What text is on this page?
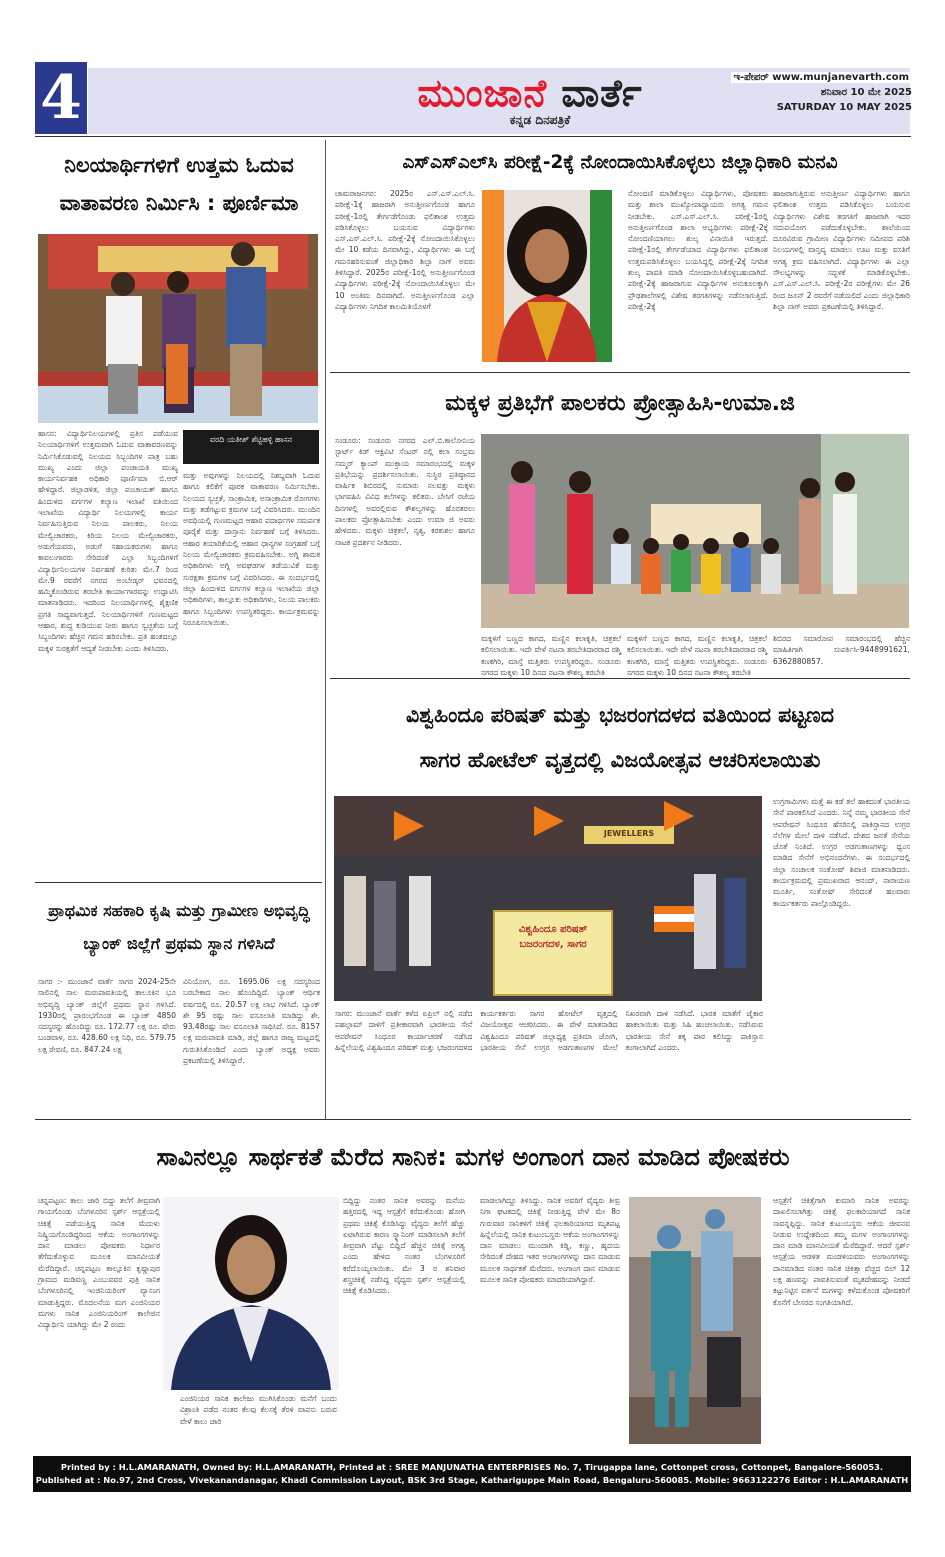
4	ಮುಂಜಾನೆ ವಾರ್ತೆ
ಕನ್ನಡ ದಿನಪತ್ರಿಕೆ
ಇ-ಪೇಪರ್ www.munjanevarth.com
ಶನಿವಾರ 10 ಮೇ 2025
SATURDAY 10 MAY 2025
ನಿಲಯಾರ್ಥಿಗಳಿಗೆ ಉತ್ತಮ ಓದುವ ವಾತಾವರಣ ನಿರ್ಮಿಸಿ : ಪೂರ್ಣಿಮಾ
ಹಾಸನ: ವಿದ್ಯಾರ್ಥಿನಿಲಯಗಳಲ್ಲಿ ಪ್ರತಿಸ ಪಡೆಯುವ ನಿಲಯಾರ್ಥಿಗಳಿಗೆ ಉತ್ತಮವಾಗಿ ಓದುವ ವಾತಾವರಣವನ್ನು ನಿರ್ಮಿಸಿಕೊಡುವಲ್ಲಿ ನಿಲಯದ ಸಿಬ್ಬಂದಿಗಳ ಪಾತ್ರ ಬಹು ಮುಖ್ಯ ಎಂದು ಜಿಲ್ಲಾ ಪಂಚಾಯತಿ ಮುಖ್ಯ ಕಾರ್ಯನಿರ್ವಹಕ ಅಧಿಕಾರಿ ಪೂರ್ಣಿಮಾ ಬಿ.ಆರ್ ಹೇಳಿದ್ದಾರೆ. ಜಿಲ್ಲಾಡಳಿತ, ಜಿಲ್ಲಾ ಪಂಚಾಯತ್ ಹಾಗೂ ಹಿಂದುಳಿದ ವರ್ಗಗಳ ಕಲ್ಯಾಣ ಇಲಾಖೆ ವತಿಯಿಂದ ಇಲಾಖೆಯ ವಿದ್ಯಾರ್ಥಿ ನಿಲಯಗಳಲ್ಲಿ ಕಾರ್ಯ ನಿರ್ವಹಿಸುತ್ತಿರುವ ನಿಲಯ ಪಾಲಕರು, ನಿಲಯ ಮೇಲ್ವಿಚಾರಕರು, ಕಿರಿಯ ನಿಲಯ ಮೇಲ್ವಿಚಾರಕರು, ಅಡುಗೆಯವರು, ಅಡುಗೆ ಸಹಾಯಕರುಗಳು ಹಾಗೂ ಕಾವಲುಗಾರರು ಸೇರಿದಂತೆ ಎಲ್ಲಾ ಸಿಬ್ಬಂದಿಗಳಿಗೆ ವಿದ್ಯಾರ್ಥಿನಿಲಯಗಳ ನಿರ್ವಹಣೆ ಕುರಿತು ಮೇ.7 ರಿಂದ ಮೇ.9 ರವರೆಗೆ ನಗರದ ಅಂಬೇಡ್ಕರ್ ಭವನದಲ್ಲಿ ಹಮ್ಮಿಕೊಂಡಿರುವ ತರಬೇತಿ ಕಾರ್ಯಾಗಾರವನ್ನು ಉದ್ಘಾಟಿಸಿ ಮಾತನಾಡಿದರು. ಇದರಿಂದ ನಿಲಯಾರ್ಥಿಗಳಲ್ಲಿ ಶೈಕ್ಷಣಿಕ ಪ್ರಗತಿ ಸಾಧ್ಯವಾಗುತ್ತದೆ. ನಿಲಯಾರ್ಥಿಗಳಿಗೆ ಗುಣಮಟ್ಟದ ಆಹಾರ, ಶುದ್ಧ ಕುಡಿಯುವ ನೀರು ಹಾಗೂ ಸ್ವಚ್ಛತೆಯ ಬಗ್ಗೆ ಸಿಬ್ಬಂದಿಗಳು ಹೆಚ್ಚಿನ ಗಮನ ಹರಿಸಬೇಕು. ಪ್ರತಿ ಹಂತದಲ್ಲೂ ಮಕ್ಕಳ ಸುರಕ್ಷತೆಗೆ ಆದ್ಯತೆ ನೀಡಬೇಕು ಎಂದು ತಿಳಿಸಿದರು.
ವರದಿ ಯತೀಶ್ ಶೆಟ್ಟಿಹಳ್ಳಿ ಹಾಸನ
ಮತ್ತು ಅವುಗಳನ್ನು ನಿಲಯದಲ್ಲಿ ನಿಶಬ್ದವಾಗಿ ಓದುವ ಹಾಗೂ ಕಲಿಕೆಗೆ ಪೂರಕ ವಾತಾವರಣ ನಿರ್ಮಿಸಬೇಕು. ನಿಲಯದ ಸ್ವಚ್ಛತೆ, ಸಾಂಕ್ರಾಮಿಕ, ಅಸಾಂಕ್ರಾಮಿಕ ರೋಗಗಳು ಮತ್ತು ತಡೆಗಟ್ಟುವ ಕ್ರಮಗಳ ಬಗ್ಗೆ ವಿವರಿಸಿದರು. ಮುಂದಿನ ಅವಧಿಯಲ್ಲಿ ಗುಣಮಟ್ಟದ ಆಹಾರ ಪದಾರ್ಥಗಳ ಸಮರ್ಪಕ ಪೂರೈಕೆ ಮತ್ತು ದಾಸ್ತಾನು ನಿರ್ವಹಣೆ ಬಗ್ಗೆ ತಿಳಿಸಿದರು. ಆಹಾರ ತಯಾರಿಕೆಯಲ್ಲಿ ಆಹಾರ ಧಾನ್ಯಗಳ ಸಂಗ್ರಹಣೆ ಬಗ್ಗೆ ನಿಲಯ ಮೇಲ್ವಿಚಾರಕರು ಕ್ರಮವಹಿಸಬೇಕು. ಅಗ್ನಿ ಶಾಮಕ ಅಧಿಕಾರಿಗಳು ಅಗ್ನಿ ಅವಘಡಗಳ ತಡೆಯುವಿಕೆ ಮತ್ತು ಸುರಕ್ಷತಾ ಕ್ರಮಗಳ ಬಗ್ಗೆ ವಿವರಿಸಿದರು. ಈ ಸಂದರ್ಭದಲ್ಲಿ ಜಿಲ್ಲಾ ಹಿಂದುಳಿದ ವರ್ಗಗಳ ಕಲ್ಯಾಣ ಇಲಾಖೆಯ ಜಿಲ್ಲಾ ಅಧಿಕಾರಿಗಳು, ತಾಲ್ಲೂಕು ಅಧಿಕಾರಿಗಳು, ನಿಲಯ ಪಾಲಕರು ಹಾಗೂ ಸಿಬ್ಬಂದಿಗಳು ಉಪಸ್ಥಿತರಿದ್ದರು. ಕಾರ್ಯಕ್ರಮವನ್ನು ನಿರೂಪಿಸಲಾಯಿತು.
ಪ್ರಾಥಮಿಕ ಸಹಕಾರಿ ಕೃಷಿ ಮತ್ತು ಗ್ರಾಮೀಣ ಅಭಿವೃದ್ಧಿ ಬ್ಯಾಂಕ್ ಜಿಲ್ಲೆಗೆ ಪ್ರಥಮ ಸ್ಥಾನ ಗಳಿಸಿದೆ
ಸಾಗರ :- ಮುಂಜಾನೆ ವಾರ್ತೆ ಸಾಗರ 2024-25ನೇ ಸಾಲಿನಲ್ಲಿ ಸಾಲ ಮರುಪಾವತಿಯಲ್ಲಿ ತಾಲೂಕಿನ ಭೂ ಅಭಿವೃದ್ಧಿ ಬ್ಯಾಂಕ್ ಜಿಲ್ಲೆಗೆ ಪ್ರಥಮ ಸ್ಥಾನ ಗಳಿಸಿದೆ. 1930ರಲ್ಲಿ ಪ್ರಾರಂಭಗೊಂಡ ಈ ಬ್ಯಾಂಕ್ 4850 ಸದಸ್ಯರನ್ನು ಹೊಂದಿದ್ದು ರೂ. 172.77 ಲಕ್ಷ ರೂ. ಷೇರು ಬಂಡವಾಳ, ರೂ. 428.60 ಲಕ್ಷ ನಿಧಿ, ರೂ. 579.75 ಲಕ್ಷ ಠೇವಣಿ, ರೂ. 847.24 ಲಕ್ಷ
ವಿನಿಯೋಗ, ರೂ. 1695.06 ಲಕ್ಷ ಸದಸ್ಯರಿಂದ ಬರಬೇಕಾದ ಸಾಲ ಹೊಂದಿದ್ದಿದೆ. ಬ್ಯಾಂಕ್ ಆರ್ಥಿಕ ವರ್ಷದಲ್ಲಿ ರೂ. 20.57 ಲಕ್ಷ ಲಾಭ ಗಳಿಸಿದೆ. ಬ್ಯಾಂಕ್ ಶೇ 95 ರಷ್ಟು ಸಾಲ ವಸೂಲಾತಿ ಮಾಡಿದ್ದು ಶೇ. 93.48ರಷ್ಟು ಸಾಲ ವಸೂಲಾತಿ ಸಾಧಿಸಿದೆ. ರೂ. 8157 ಲಕ್ಷ ಮರುಪಾವತಿ ಮಾಡಿ, ಜಿಲ್ಲೆ ಹಾಗೂ ರಾಜ್ಯ ಮಟ್ಟದಲ್ಲಿ ಗುರುತಿಸಿಕೊಂಡಿದೆ ಎಂದು ಬ್ಯಾಂಕ್ ಅಧ್ಯಕ್ಷ ಅವರು ಪ್ರಕಟಣೆಯಲ್ಲಿ ತಿಳಿಸಿದ್ದಾರೆ.
ಎಸ್ಎಸ್ಎಲ್‌ಸಿ ಪರೀಕ್ಷೆ-2ಕ್ಕೆ ನೋಂದಾಯಿಸಿಕೊಳ್ಳಲು ಜಿಲ್ಲಾಧಿಕಾರಿ ಮನವಿ
ಚಾಮರಾಜನಗರ: 2025ರ ಎಸ್.ಎಸ್.ಎಲ್.ಸಿ. ಪರೀಕ್ಷೆ-1ಕ್ಕೆ ಹಾಜರಾಗಿ ಅನುತ್ತೀರ್ಣಗೊಂಡ ಹಾಗೂ ಪರೀಕ್ಷೆ-1ರಲ್ಲಿ ತೇರ್ಗಡೆಗೊಂಡು ಫಲಿತಾಂಶ ಉತ್ತಮ ಪಡಿಸಿಕೊಳ್ಳಲು ಬಯಸುವ ವಿದ್ಯಾರ್ಥಿಗಳು ಎಸ್.ಎಸ್.ಎಲ್.ಸಿ. ಪರೀಕ್ಷೆ-2ಕ್ಕೆ ನೋಂದಾಯಿಸಿಕೊಳ್ಳಲು ಮೇ 10 ಕಡೆಯ ದಿನವಾಗಿದ್ದು, ವಿದ್ಯಾರ್ಥಿಗಳು ಈ ಬಗ್ಗೆ ಗಮನಹರಿಸುವಂತೆ ಜಿಲ್ಲಾಧಿಕಾರಿ ಶಿಲ್ಪಾ ನಾಗ್ ಅವರು ತಿಳಿಸಿದ್ದಾರೆ. 2025ರ ಪರೀಕ್ಷೆ-1ರಲ್ಲಿ ಅನುತ್ತೀರ್ಣಗೊಂಡ ವಿದ್ಯಾರ್ಥಿಗಳು ಪರೀಕ್ಷೆ-2ಕ್ಕೆ ನೋಂದಾಯಿಸಿಕೊಳ್ಳಲು ಮೇ 10 ಅಂತಿಮ ದಿನವಾಗಿದೆ. ಅನುತ್ತೀರ್ಣಗೊಂಡ ಎಲ್ಲಾ ವಿದ್ಯಾರ್ಥಿಗಳು ನಿಗದಿತ ಕಾಲಮಿತಿಯೊಳಗೆ
ನೋಂದಣಿ ಮಾಡಿಕೊಳ್ಳಲು ವಿದ್ಯಾರ್ಥಿಗಳು, ಪೋಷಕರು ಮತ್ತು ಶಾಲಾ ಮುಖ್ಯೋಪಾಧ್ಯಾಯರು ಅಗತ್ಯ ಗಮನ ನೀಡಬೇಕು. ಎಸ್.ಎಸ್.ಎಲ್.ಸಿ. ಪರೀಕ್ಷೆ-1ರಲ್ಲಿ ಅನುತ್ತೀರ್ಣಗೊಂಡ ಶಾಲಾ ಅಭ್ಯರ್ಥಿಗಳು ಪರೀಕ್ಷೆ-2ಕ್ಕೆ ನೋಂದಣಿಯಾಗಲು ಶುಲ್ಕ ವಿನಾಯಿತಿ ಇರುತ್ತದೆ. ಪರೀಕ್ಷೆ-1ರಲ್ಲಿ ತೇರ್ಗಡೆಯಾದ ವಿದ್ಯಾರ್ಥಿಗಳು ಫಲಿತಾಂಶ ಉತ್ತಮಪಡಿಸಿಕೊಳ್ಳಲು ಬಯಸಿದ್ದಲ್ಲಿ ಪರೀಕ್ಷೆ-2ಕ್ಕೆ ನಿಗದಿತ ಶುಲ್ಕ ಪಾವತಿ ಮಾಡಿ ನೋಂದಾಯಿಸಿಕೊಳ್ಳಬಹುದಾಗಿದೆ. ಪರೀಕ್ಷೆ-2ಕ್ಕೆ ಹಾಜರಾಗುವ ವಿದ್ಯಾರ್ಥಿಗಳ ಅನುಕೂಲಕ್ಕಾಗಿ ಪ್ರೌಢಶಾಲೆಗಳಲ್ಲಿ ವಿಶೇಷ ತರಗತಿಗಳನ್ನು ನಡೆಸಲಾಗುತ್ತಿದೆ. ಪರೀಕ್ಷೆ-2ಕ್ಕೆ
ಹಾಜರಾಗುತ್ತಿರುವ ಅನುತ್ತೀರ್ಣ ವಿದ್ಯಾರ್ಥಿಗಳು ಹಾಗೂ ಫಲಿತಾಂಶ ಉತ್ತಮ ಪಡಿಸಿಕೊಳ್ಳಲು ಬಯಸುವ ವಿದ್ಯಾರ್ಥಿಗಳು ವಿಶೇಷ ತರಗತಿಗೆ ಹಾಜರಾಗಿ ಇದರ ಸದುಪಯೋಗ ಪಡೆದುಕೊಳ್ಳಬೇಕು. ಶಾಲೆಯಿಂದ ದೂರವಿರುವ ಗ್ರಾಮೀಣ ವಿದ್ಯಾರ್ಥಿಗಳು ಸಮೀಪದ ಪರಿಶಿ ನಿಲಯಗಳಲ್ಲಿ ವಾಸ್ತವ್ಯ ಮಾಡಲು ಊಟ ಮತ್ತು ವಸತಿಗೆ ಅಗತ್ಯ ಕ್ರಮ ವಹಿಸಲಾಗಿದೆ. ವಿದ್ಯಾರ್ಥಿಗಳು ಈ ಎಲ್ಲಾ ಸೌಲಭ್ಯಗಳನ್ನು ಸದ್ಬಳಕೆ ಮಾಡಿಕೊಳ್ಳಬೇಕು. ಎಸ್.ಎಸ್.ಎಲ್.ಸಿ. ಪರೀಕ್ಷೆ-2ರ ಪರೀಕ್ಷೆಗಳು ಮೇ 26 ರಿಂದ ಜೂನ್ 2 ರವರೆಗೆ ನಡೆಯಲಿದೆ ಎಂದು ಜಿಲ್ಲಾಧಿಕಾರಿ ಶಿಲ್ಪಾ ನಾಗ್ ಅವರು ಪ್ರಕಟಣೆಯಲ್ಲಿ ತಿಳಿಸಿದ್ದಾರೆ.
ಮಕ್ಕಳ ಪ್ರತಿಭೆಗೆ ಪಾಲಕರು ಪ್ರೋತ್ಸಾಹಿಸಿ-ಉಮಾ.ಜಿ
ಸಂಡೂರು: ಸಂಡೂರು ನಗರದ ಎಲ್.ಬಿ.ಕಾಲೋನಿಯ ಸ್ಟಾರ್ಟ್ ಕಿಡ್ ಆಕ್ಟಿವಿಟಿ ಸೆಂಟರ್ ನಲ್ಲಿ ಕಲಾ ಸಂಭ್ರಮ ಸಮ್ಮರ್ ಕ್ಯಾಂಪ್ ಮುಕ್ತಾಯ ಸಮಾರಂಭದಲ್ಲಿ ಮಕ್ಕಳ ಪ್ರತಿಭೆಯನ್ನು ಪ್ರದರ್ಶಿಸಲಾಯಿತು. ಸುಸ್ಥಿರ ಪ್ರತಿಷ್ಠಾನದ ವಾರ್ಷಿಕ ಶಿಬಿರದಲ್ಲಿ ಸುಮಾರು ನಲವತ್ತು ಮಕ್ಕಳು ಭಾಗವಹಿಸಿ ವಿವಿಧ ಕಲೆಗಳನ್ನು ಕಲಿತರು. ಬೇಸಿಗೆ ರಜೆಯ ದಿನಗಳಲ್ಲಿ ಅವರಲ್ಲಿರುವ ಕೌಶಲ್ಯಗಳನ್ನು ಹೊರತರಲು ಪಾಲಕರು ಪ್ರೋತ್ಸಾಹಿಸಬೇಕು ಎಂದು ಉಮಾ ಜಿ ಅವರು ಹೇಳಿದರು. ಮಕ್ಕಳು ಚಿತ್ರಕಲೆ, ನೃತ್ಯ, ಕರಕುಶಲ ಹಾಗೂ ನಾಟಕ ಪ್ರದರ್ಶನ ನೀಡಿದರು.
ಮಕ್ಕಳಿಗೆ ಬಣ್ಣದ ಕಾಗದ, ಮಣ್ಣಿನ ಕಲಾಕೃತಿ, ಚಿತ್ರಕಲೆ ಕಲಿಸಲಾಯಿತು. ಇದೇ ವೇಳೆ ನಟನಾ ತರಬೇತಿದಾರರಾದ ರಶ್ಮಿ ಕಣಕಗಿರಿ, ಮಾಸ್ತೆ ಮತ್ತಿತರು ಉಪಸ್ಥಿತರಿದ್ದರು. ಸಂಡೂರು ನಗರದ ಮಕ್ಕಳು 10 ದಿನದ ನಟನಾ ಕೌಶಲ್ಯ ತರಬೇತಿ
ಮಕ್ಕಳಿಗೆ ಬಣ್ಣದ ಕಾಗದ, ಮಣ್ಣಿನ ಕಲಾಕೃತಿ, ಚಿತ್ರಕಲೆ ಕಲಿಸಲಾಯಿತು. ಇದೇ ವೇಳೆ ನಟನಾ ತರಬೇತಿದಾರರಾದ ರಶ್ಮಿ ಕಣಕಗಿರಿ, ಮಾಸ್ತೆ ಮತ್ತಿತರು ಉಪಸ್ಥಿತರಿದ್ದರು. ಸಂಡೂರು ನಗರದ ಮಕ್ಕಳು 10 ದಿನದ ನಟನಾ ಕೌಶಲ್ಯ ತರಬೇತಿ
ಶಿಬಿರದ ಸಮಾರೋಪ ಸಮಾರಂಭದಲ್ಲಿ ಹೆಚ್ಚಿನ ಮಾಹಿತಿಗಾಗಿ ಸಂಪರ್ಕಿಸಿ-9448991621, 6362880857.
ವಿಶ್ವಹಿಂದೂ ಪರಿಷತ್ ಮತ್ತು ಭಜರಂಗದಳದ ವತಿಯಿಂದ ಪಟ್ಟಣದ
ಸಾಗರ ಹೋಟೆಲ್ ವೃತ್ತದಲ್ಲಿ ವಿಜಯೋತ್ಸವ ಆಚರಿಸಲಾಯಿತು
ವಿಶ್ವಹಿಂದೂ ಪರಿಷತ್
ಬಜರಂಗದಳ, ಸಾಗರ
JEWELLERS
ಉಗ್ರಗಾಮಿಗಳು ಮತ್ತೆ ಈ ಕಡೆ ತಲೆ ಹಾಕದಂತೆ ಭಾರತೀಯ ಸೇನೆ ಪಾಠಕಲಿಸಿದೆ ಎಂದರು. ನಿನ್ನೆ ನಮ್ಮ ಭಾರತೀಯ ಸೇನೆ ಆಪರೇಷನ್ ಸಿಂಧೂರ ಹೆಸರಿನಲ್ಲಿ ಪಾಕಿಸ್ತಾನದ ಉಗ್ರರ ನೆಲೆಗಳ ಮೇಲೆ ದಾಳಿ ನಡೆಸಿದೆ. ದೇಶದ ಜನತೆ ಸೇನೆಯ ಜೊತೆ ನಿಂತಿದೆ. ಉಗ್ರರ ಅಡಗುತಾಣಗಳನ್ನು ಧ್ವಂಸ ಮಾಡಿದ ಸೇನೆಗೆ ಅಭಿನಂದನೆಗಳು. ಈ ಸಂದರ್ಭದಲ್ಲಿ ಜಿಲ್ಲಾ ಸಂಚಾಲಕ ಸಂತೋಷ್ ಶಿವಾಜಿ ಮಾತನಾಡಿದರು. ಕಾರ್ಯಕ್ರಮದಲ್ಲಿ ಪ್ರಮುಖರಾದ ಆನಂದ್, ನಾರಾಯಣ ಮೂರ್ತಿ, ಸಂತೋಷ್ ಸೇರಿದಂತೆ ಹಲವಾರು ಕಾರ್ಯಕರ್ತರು ಪಾಲ್ಗೊಂಡಿದ್ದರು.
ಸಾಗರ: ಮುಂಜಾನೆ ವಾರ್ತೆ ಕಳೆದ ಏಪ್ರಿಲ್ ನಲ್ಲಿ ನಡೆದ ಪಹಲ್ಗಾಮ್ ದಾಳಿಗೆ ಪ್ರತೀಕಾರವಾಗಿ ಭಾರತೀಯ ಸೇನೆ ಆಪರೇಷನ್ ಸಿಂಧೂರ ಕಾರ್ಯಾಚರಣೆ ನಡೆಸಿದ ಹಿನ್ನೆಲೆಯಲ್ಲಿ ವಿಶ್ವಹಿಂದೂ ಪರಿಷತ್ ಮತ್ತು ಭಜರಂಗದಳದ ಕಾರ್ಯಕರ್ತರು ಸಾಗರ ಹೋಟೆಲ್ ವೃತ್ತದಲ್ಲಿ ವಿಜಯೋತ್ಸವ ಆಚರಿಸಿದರು. ಈ ವೇಳೆ ಮಾತನಾಡಿದ ವಿಶ್ವಹಿಂದೂ ಪರಿಷತ್ ಜಿಲ್ಲಾಧ್ಯಕ್ಷ ಪ್ರತಿಮಾ ಜೋಗಿ, ಭಾರತೀಯ ಸೇನೆ ಉಗ್ರರ ಅಡಗುತಾಣಗಳ ಮೇಲೆ ನಿಖರವಾಗಿ ದಾಳಿ ನಡೆಸಿದೆ. ಭಾರತ ಮಾತೆಗೆ ಜೈಕಾರ ಹಾಕಲಾಯಿತು ಮತ್ತು ಸಿಹಿ ಹಂಚಲಾಯಿತು. ನಡೆಸಿರುವ ಭಾರತೀಯ ಸೇನೆ ತಕ್ಕ ಪಾಠ ಕಲಿಸಿದ್ದು ಪಾಕಿಸ್ತಾನ ಕಂಗಾಲಾಗಿದೆ ಎಂದರು.
ಸಾವಿನಲ್ಲೂ ಸಾರ್ಥಕತೆ ಮೆರೆದ ಸಾನಿಕ: ಮಗಳ ಅಂಗಾಂಗ ದಾನ ಮಾಡಿದ ಪೋಷಕರು
ಚನ್ನಪಟ್ಟಣ: ಕಾಲು ಜಾರಿ ಬಿದ್ದು ತಲೆಗೆ ತೀವ್ರವಾಗಿ ಗಾಯಗೊಂಡು ಬೆಂಗಳೂರಿನ ಸ್ಪರ್ಶ್ ಆಸ್ಪತ್ರೆಯಲ್ಲಿ ಚಿಕಿತ್ಸೆ ಪಡೆಯುತ್ತಿದ್ದ ಸಾನಿಕ ಮೆದುಳು ನಿಷ್ಕ್ರಿಯಗೊಂಡಿದ್ದರಿಂದ ಆಕೆಯ ಅಂಗಾಂಗಗಳನ್ನು ದಾನ ಮಾಡಲು ಪೋಷಕರು ನಿರ್ಧಾರ ತೆಗೆದುಕೊಳ್ಳುವ ಮೂಲಕ ಮಾನವೀಯತೆ ಮೆರೆದಿದ್ದಾರೆ. ಚನ್ನಪಟ್ಟಣ ತಾಲ್ಲೂಕಿನ ಕೃಷ್ಣಾಪುರ ಗ್ರಾಮದ ಮಡಿವಣ್ಣ ಎಂಬುವವರ ಪುತ್ರಿ ಸಾನಿಕ ಬೆಂಗಳೂರಿನಲ್ಲಿ ಇಂಜಿನಿಯರಿಂಗ್ ವ್ಯಾಸಂಗ ಮಾಡುತ್ತಿದ್ದರು. ಮೊದಲನೆಯ ಮಗ ಎಂಜಿನಿಯರ ಮಗಳು ಸಾನಿಕ ಎಂಜಿನಿಯರಿಂಗ್ ಕಾಲೇಜಿನ ವಿದ್ಯಾರ್ಥಿನಿ ಯಾಗಿದ್ದು ಮೇ 2 ರಂದು
ಎಂಜಿನಿಯರ ಸಾನಿಕ ಕಾಲೇಜು ಮುಗಿಸಿಕೊಂಡು ಮನೆಗೆ ಬಂದು ವಿಶ್ರಾಂತಿ ಪಡೆದ ನಂತರ ಕೆಲವು ಕೆಲಸಕ್ಕೆ ತೆರಳಿ ವಾಪಸು ಬರುವ ವೇಳೆ ಕಾಲು ಜಾರಿ
ಬಿದ್ದಿದ್ದು ನಂತರ ಸಾನಿಕ ಅವರನ್ನು ಮನೆಯ ಹತ್ತಿರದಲ್ಲಿ ಇದ್ದ ಆಸ್ಪತ್ರೆಗೆ ಕರೆದುಕೊಂಡು ಹೋಗಿ ಪ್ರಥಮ ಚಿಕಿತ್ಸೆ ಕೊಡಿಸಿದ್ದು ವೈದ್ಯರು ತಲೆಗೆ ಹೆಚ್ಚು ಏಟಾಗಿರುವ ಕಾರಣ ಸ್ಕ್ಯಾನಿಂಗ್ ಮಾಡಿಸಲಾಗಿ ತಲೆಗೆ ತೀವ್ರವಾಗಿ ಪೆಟ್ಟು ಬಿದ್ದಿದೆ ಹೆಚ್ಚಿನ ಚಿಕಿತ್ಸೆ ಅಗತ್ಯ ಎಂದು ಹೇಳಿದ ನಂತರ ಬೆಂಗಳೂರಿಗೆ ಕರೆದೊಯ್ಯಲಾಯಿತು. ಮೇ 3 ರ ಶನಿವಾರ ಶಸ್ತ್ರಚಿಕಿತ್ಸೆ ನಡೆಸಿದ್ದ ವೈದ್ಯರು ಸ್ಪರ್ಶ್ ಆಸ್ಪತ್ರೆಯಲ್ಲಿ ಚಿಕಿತ್ಸೆ ಕೊಡಿಸಿದರು.
ಮಾಡಲಾಗಿದ್ದೂ ತಿಳಿಸಿದ್ದು. ಸಾನಿಕ ಅವರಿಗೆ ವೈದ್ಯರು ತೀವ್ರ ನಿಗಾ ಘಟಕದಲ್ಲಿ ಚಿಕಿತ್ಸೆ ನೀಡುತ್ತಿದ್ದ ವೇಳೆ ಮೇ 8ರ ಗುರುವಾರ ಸಾನಿಕಳಿಗೆ ಚಿಕಿತ್ಸೆ ಫಲಕಾರಿಯಾಗದ ಮೃತಪಟ್ಟ ಹಿನ್ನೆಲೆಯಲ್ಲಿ ಸಾನಿಕ ಕುಟುಂಬಸ್ಥರು ಆಕೆಯ ಅಂಗಾಂಗಗಳನ್ನು ದಾನ ಮಾಡಲು ಮುಂದಾಗಿ ಕಿಡ್ನಿ, ಕಣ್ಣು, ಹೃದಯ ಸೇರಿದಂತೆ ದೇಹದ ಇತರ ಅಂಗಾಂಗಗಳನ್ನು ದಾನ ಮಾಡುವ ಮೂಲಕ ಸಾರ್ಥಕತೆ ಮೆರೆದರು. ಅಂಗಾಂಗ ದಾನ ಮಾಡುವ ಮೂಲಕ ಸಾನಿಕ ಪೋಷಕರು ಮಾದರಿಯಾಗಿದ್ದಾರೆ.
ಆಸ್ಪತ್ರೆಗೆ ಚಿಕಿತ್ಸೆಗಾಗಿ ಕುಮಾರಿ ಸಾನಿಕ ಅವರನ್ನು ದಾಖಲಿಸಲಾಗಿತ್ತು ಚಿಕಿತ್ಸೆ ಫಲಕಾರಿಯಾಗದೆ ಸಾನಿಕ ಸಾವನ್ನಪ್ಪಿದ್ದು. ಸಾನಿಕ ಕುಟುಂಬಸ್ಥರು ಆಕೆಯ ಜೀವನವ ನೀಡುವ ಉದ್ದೇಶದಿಂದ ತಮ್ಮ ಮಗಳ ಅಂಗಾಂಗಗಳನ್ನು ದಾನ ಮಾಡಿ ಮಾನವೀಯತೆ ಮೆರೆದಿದ್ದಾರೆ. ಆದರೆ ಸ್ಪರ್ಶ್ ಆಸ್ಪತ್ರೆಯ ಆಡಳಿತ ಮಂಡಳಿಯವರು ಅಂಗಾಂಗಗಳನ್ನು ದಾನಮಾಡಿದ ನಂತರ ಸಾನಿಕ ಚಿಕಿತ್ಸಾ ವೆಚ್ಚದ ಬಿಲ್ 12 ಲಕ್ಷ ಹಣವನ್ನು ಪಾವತಿಸುವಂತೆ ಮೃತದೇಹವನ್ನು ನೀಡದೆ ಕಟ್ಟುನಿಟ್ಟಿನ ವರ್ತನೆ ಮಗಳನ್ನು ಕಳೆದುಕೊಂಡ ಪೋಷಕರಿಗೆ ಕೊನೆಗೆ ಬೇಸರದ ಸಂಗತಿಯಾಗಿದೆ.
Printed by : H.L.AMARANATH, Owned by: H.L.AMARANATH, Printed at : SREE MANJUNATHA ENTERPRISES No. 7, Tirugappa lane, Cottonpet cross, Cottonpet, Bangalore-560053.
Published at : No.97, 2nd Cross, Vivekanandanagar, Khadi Commission Layout, BSK 3rd Stage, Kathariguppe Main Road, Bengaluru-560085. Mobile: 9663122276 Editor : H.L.AMARANATH
